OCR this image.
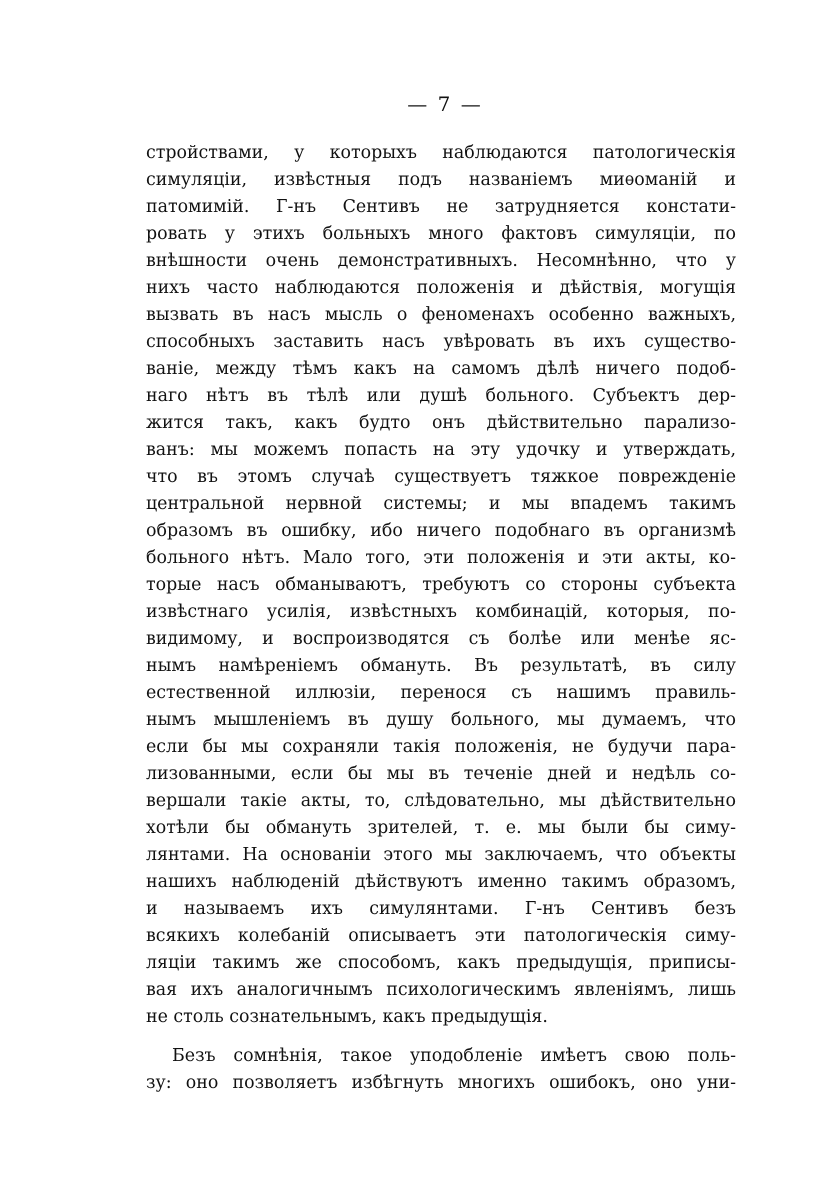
— 7 —
стройствами, у которыхъ наблюдаются патологическія
симуляціи, извѣстныя подъ названіемъ миѳоманій и
патомимій. Г-нъ Сентивъ не затрудняется констати-
ровать у этихъ больныхъ много фактовъ симуляціи, по
внѣшности очень демонстративныхъ. Несомнѣнно, что у
нихъ часто наблюдаются положенія и дѣйствія, могущія
вызвать въ насъ мысль о феноменахъ особенно важныхъ,
способныхъ заставить насъ увѣровать въ ихъ существо-
ваніе, между тѣмъ какъ на самомъ дѣлѣ ничего подоб-
наго нѣтъ въ тѣлѣ или душѣ больного. Субъектъ дер-
жится такъ, какъ будто онъ дѣйствительно парализо-
ванъ: мы можемъ попасть на эту удочку и утверждать,
что въ этомъ случаѣ существуетъ тяжкое поврежденіе
центральной нервной системы; и мы впадемъ такимъ
образомъ въ ошибку, ибо ничего подобнаго въ организмѣ
больного нѣтъ. Мало того, эти положенія и эти акты, ко-
торые насъ обманываютъ, требуютъ со стороны субъекта
извѣстнаго усилія, извѣстныхъ комбинацій, которыя, по-
видимому, и воспроизводятся съ болѣе или менѣе яс-
нымъ намѣреніемъ обмануть. Въ результатѣ, въ силу
естественной иллюзіи, перенося съ нашимъ правиль-
нымъ мышленіемъ въ душу больного, мы думаемъ, что
если бы мы сохраняли такія положенія, не будучи пара-
лизованными, если бы мы въ теченіе дней и недѣль со-
вершали такіе акты, то, слѣдовательно, мы дѣйствительно
хотѣли бы обмануть зрителей, т. е. мы были бы симу-
лянтами. На основаніи этого мы заключаемъ, что объекты
нашихъ наблюденій дѣйствуютъ именно такимъ образомъ,
и называемъ ихъ симулянтами. Г-нъ Сентивъ безъ
всякихъ колебаній описываетъ эти патологическія симу-
ляціи такимъ же способомъ, какъ предыдущія, приписы-
вая ихъ аналогичнымъ психологическимъ явленіямъ, лишь
не столь сознательнымъ, какъ предыдущія.
Безъ сомнѣнія, такое уподобленіе имѣетъ свою поль-
зу: оно позволяетъ избѣгнуть многихъ ошибокъ, оно уни-
